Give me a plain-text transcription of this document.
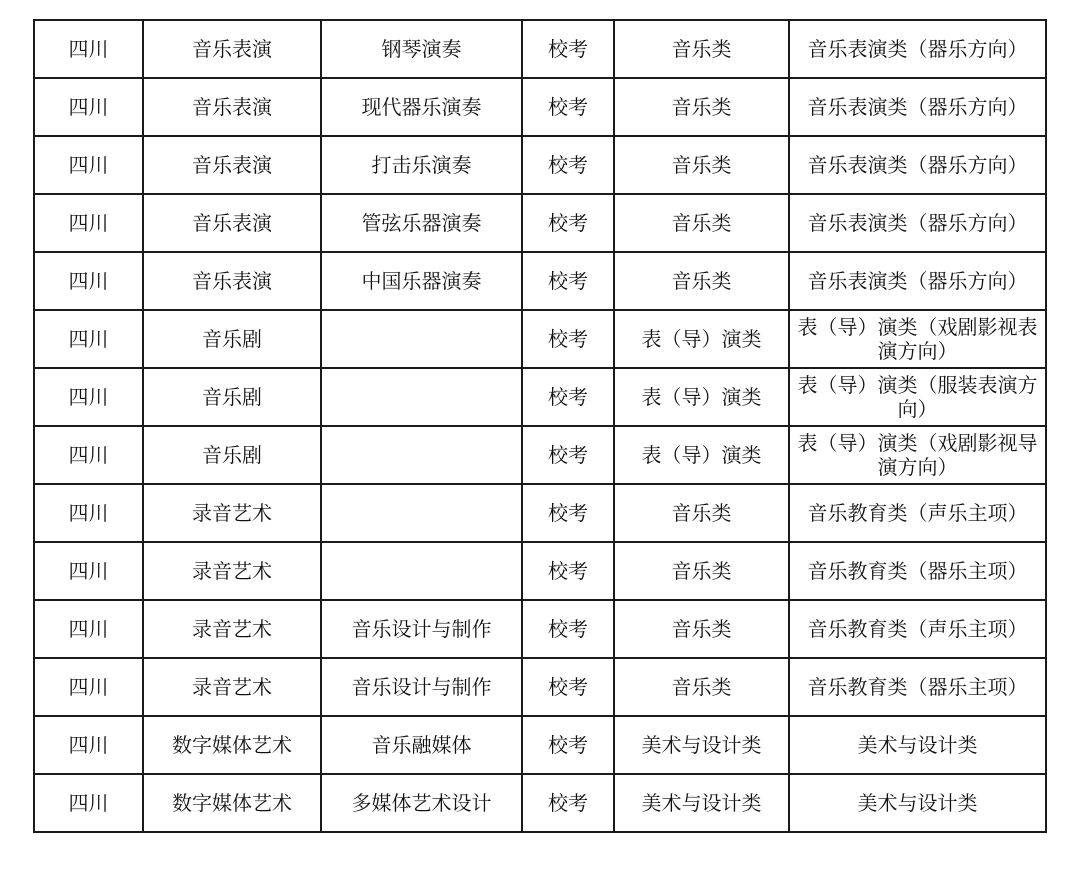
四川	音乐表演	钢琴演奏	校考	音乐类	音乐表演类（器乐方向）
四川	音乐表演	现代器乐演奏	校考	音乐类	音乐表演类（器乐方向）
四川	音乐表演	打击乐演奏	校考	音乐类	音乐表演类（器乐方向）
四川	音乐表演	管弦乐器演奏	校考	音乐类	音乐表演类（器乐方向）
四川	音乐表演	中国乐器演奏	校考	音乐类	音乐表演类（器乐方向）
四川	音乐剧		校考	表（导）演类	表（导）演类（戏剧影视表演方向）
四川	音乐剧		校考	表（导）演类	表（导）演类（服装表演方向）
四川	音乐剧		校考	表（导）演类	表（导）演类（戏剧影视导演方向）
四川	录音艺术		校考	音乐类	音乐教育类（声乐主项）
四川	录音艺术		校考	音乐类	音乐教育类（器乐主项）
四川	录音艺术	音乐设计与制作	校考	音乐类	音乐教育类（声乐主项）
四川	录音艺术	音乐设计与制作	校考	音乐类	音乐教育类（器乐主项）
四川	数字媒体艺术	音乐融媒体	校考	美术与设计类	美术与设计类
四川	数字媒体艺术	多媒体艺术设计	校考	美术与设计类	美术与设计类
